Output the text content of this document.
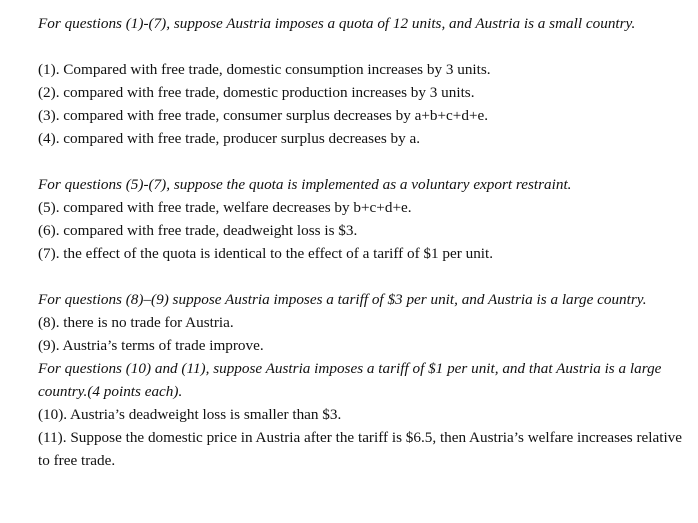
For questions (1)-(7), suppose Austria imposes a quota of 12 units, and Austria is a small country.
(1). Compared with free trade, domestic consumption increases by 3 units.
(2). compared with free trade, domestic production increases by 3 units.
(3). compared with free trade, consumer surplus decreases by a+b+c+d+e.
(4). compared with free trade, producer surplus decreases by a.
For questions (5)-(7), suppose the quota is implemented as a voluntary export restraint.
(5). compared with free trade, welfare decreases by b+c+d+e.
(6). compared with free trade, deadweight loss is $3.
(7). the effect of the quota is identical to the effect of a tariff of $1 per unit.
For questions (8)–(9) suppose Austria imposes a tariff of $3 per unit, and Austria is a large country.
(8). there is no trade for Austria.
(9). Austria’s terms of trade improve.
For questions (10) and (11), suppose Austria imposes a tariff of $1 per unit, and that Austria is a large country.(4 points each).
(10). Austria’s deadweight loss is smaller than $3.
(11). Suppose the domestic price in Austria after the tariff is $6.5, then Austria’s welfare increases relative to free trade.
